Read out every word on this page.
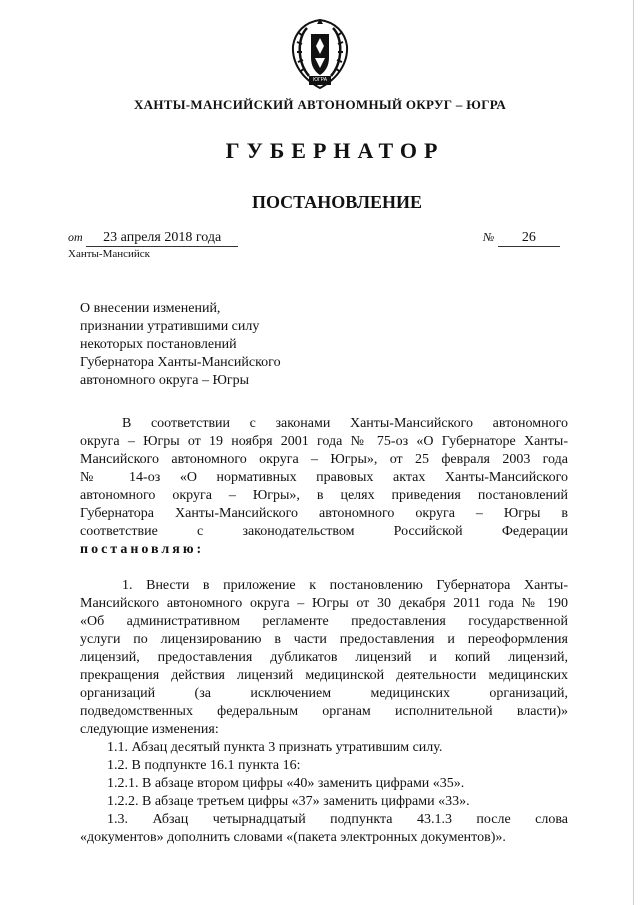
ЮГРА
ХАНТЫ-МАНСИЙСКИЙ АВТОНОМНЫЙ ОКРУГ – ЮГРА
ГУБЕРНАТОР
ПОСТАНОВЛЕНИЕ
от 23 апреля 2018 года	№ 26
Ханты-Мансийск
О внесении изменений,
признании утратившими силу
некоторых постановлений
Губернатора Ханты-Мансийского
автономного округа – Югры
В соответствии с законами Ханты-Мансийского автономного
округа – Югры от 19 ноября 2001 года № 75-оз «О Губернаторе Ханты-
Мансийского автономного округа – Югры», от 25 февраля 2003 года
№ 14-оз «О нормативных правовых актах Ханты-Мансийского
автономного округа – Югры», в целях приведения постановлений
Губернатора Ханты-Мансийского автономного округа – Югры в
соответствие с законодательством Российской Федерации
постановляю:
1. Внести в приложение к постановлению Губернатора Ханты-
Мансийского автономного округа – Югры от 30 декабря 2011 года № 190
«Об административном регламенте предоставления государственной
услуги по лицензированию в части предоставления и переоформления
лицензий, предоставления дубликатов лицензий и копий лицензий,
прекращения действия лицензий медицинской деятельности медицинских
организаций (за исключением медицинских организаций,
подведомственных федеральным органам исполнительной власти)»
следующие изменения:
1.1. Абзац десятый пункта 3 признать утратившим силу.
1.2. В подпункте 16.1 пункта 16:
1.2.1. В абзаце втором цифры «40» заменить цифрами «35».
1.2.2. В абзаце третьем цифры «37» заменить цифрами «33».
1.3. Абзац четырнадцатый подпункта 43.1.3 после слова
«документов» дополнить словами «(пакета электронных документов)».
